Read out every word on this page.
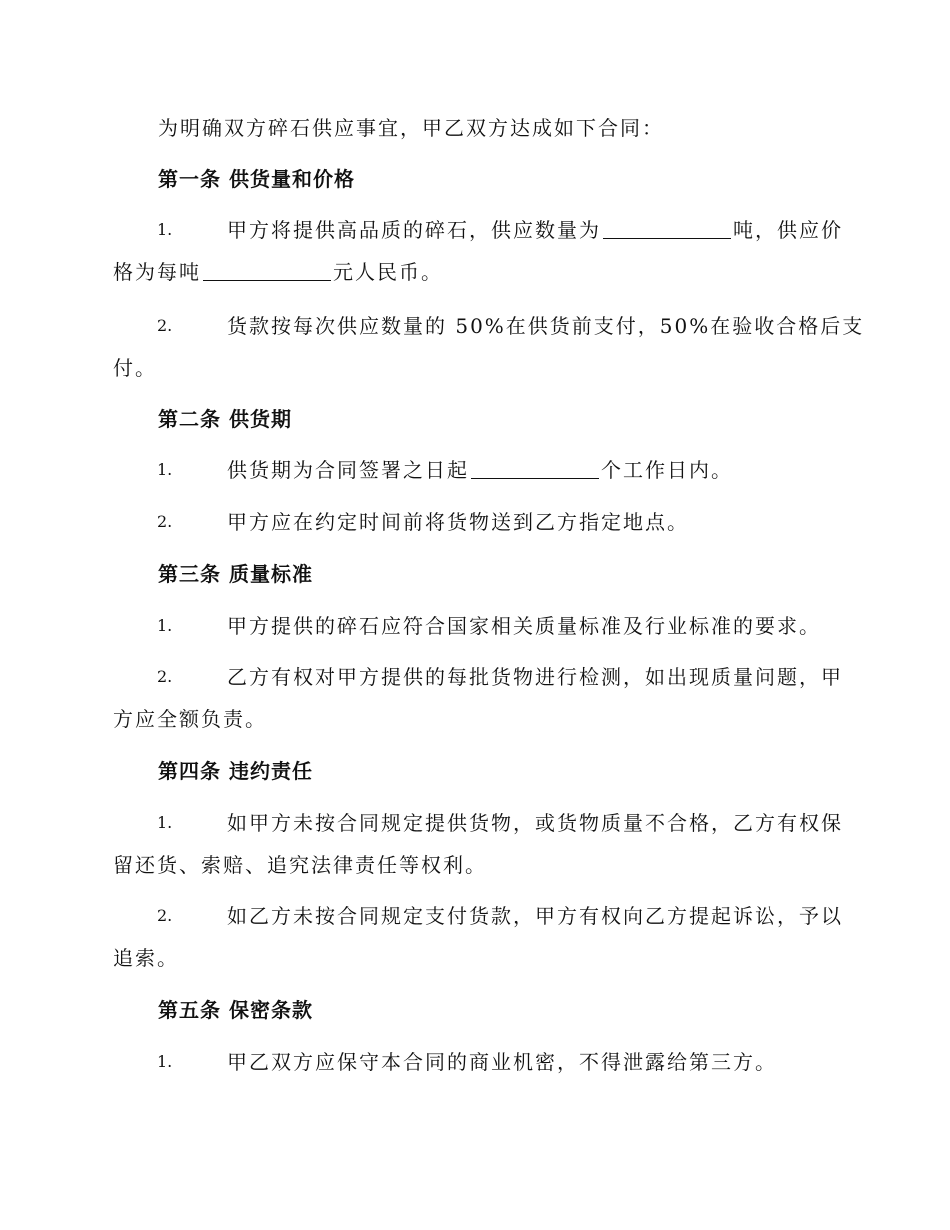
为明确双方碎石供应事宜，甲乙双方达成如下合同：
第一条 供货量和价格
1.	甲方将提供高品质的碎石，供应数量为	吨，供应价
格为每吨	元人民币。
2.	货款按每次供应数量的 50%在供货前支付，50%在验收合格后支
付。
第二条 供货期
1.	供货期为合同签署之日起	个工作日内。
2.	甲方应在约定时间前将货物送到乙方指定地点。
第三条 质量标准
1.	甲方提供的碎石应符合国家相关质量标准及行业标准的要求。
2.	乙方有权对甲方提供的每批货物进行检测，如出现质量问题，甲
方应全额负责。
第四条 违约责任
1.	如甲方未按合同规定提供货物，或货物质量不合格，乙方有权保
留还货、索赔、追究法律责任等权利。
2.	如乙方未按合同规定支付货款，甲方有权向乙方提起诉讼，予以
追索。
第五条 保密条款
1.	甲乙双方应保守本合同的商业机密，不得泄露给第三方。
